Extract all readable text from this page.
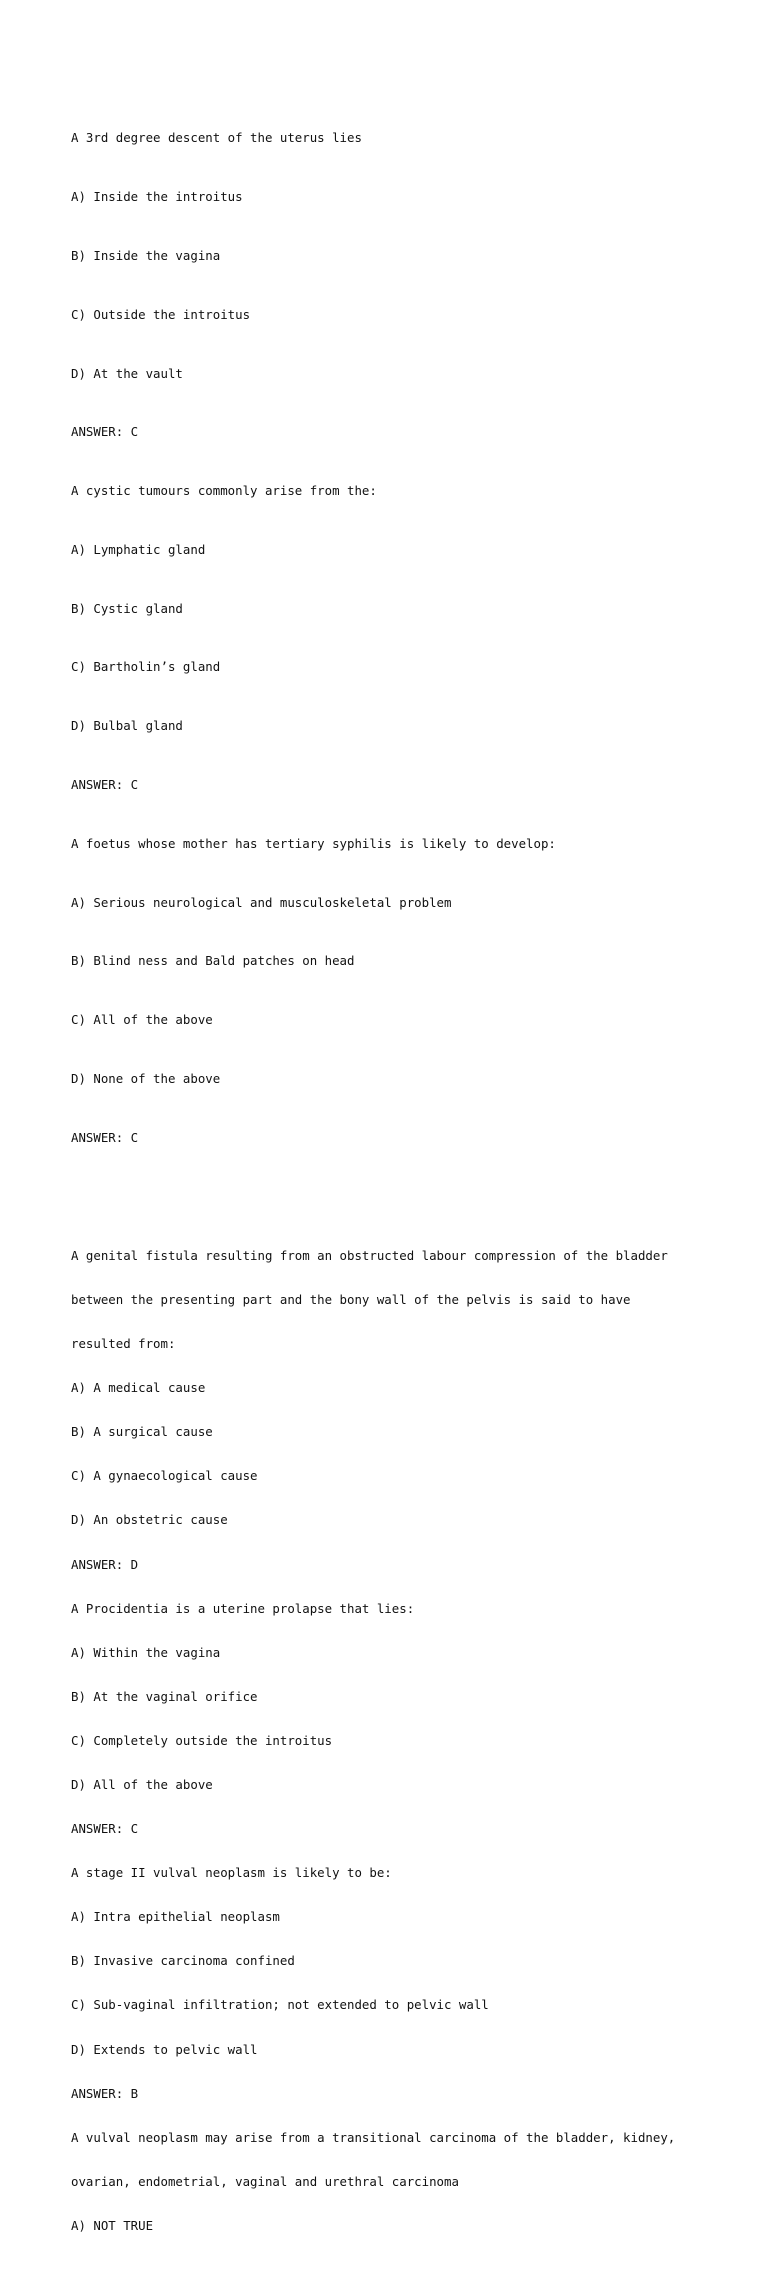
A 3rd degree descent of the uterus lies

A) Inside the introitus

B) Inside the vagina

C) Outside the introitus

D) At the vault

ANSWER: C

A cystic tumours commonly arise from the:

A) Lymphatic gland

B) Cystic gland

C) Bartholin’s gland

D) Bulbal gland

ANSWER: C

A foetus whose mother has tertiary syphilis is likely to develop:

A) Serious neurological and musculoskeletal problem

B) Blind ness and Bald patches on head

C) All of the above

D) None of the above

ANSWER: C

A genital fistula resulting from an obstructed labour compression of the bladder

between the presenting part and the bony wall of the pelvis is said to have

resulted from:

A) A medical cause

B) A surgical cause

C) A gynaecological cause

D) An obstetric cause

ANSWER: D

A Procidentia is a uterine prolapse that lies:

A) Within the vagina

B) At the vaginal orifice

C) Completely outside the introitus

D) All of the above

ANSWER: C

A stage II vulval neoplasm is likely to be:

A) Intra epithelial neoplasm

B) Invasive carcinoma confined

C) Sub-vaginal infiltration; not extended to pelvic wall

D) Extends to pelvic wall

ANSWER: B

A vulval neoplasm may arise from a transitional carcinoma of the bladder, kidney,

ovarian, endometrial, vaginal and urethral carcinoma

A) NOT TRUE
